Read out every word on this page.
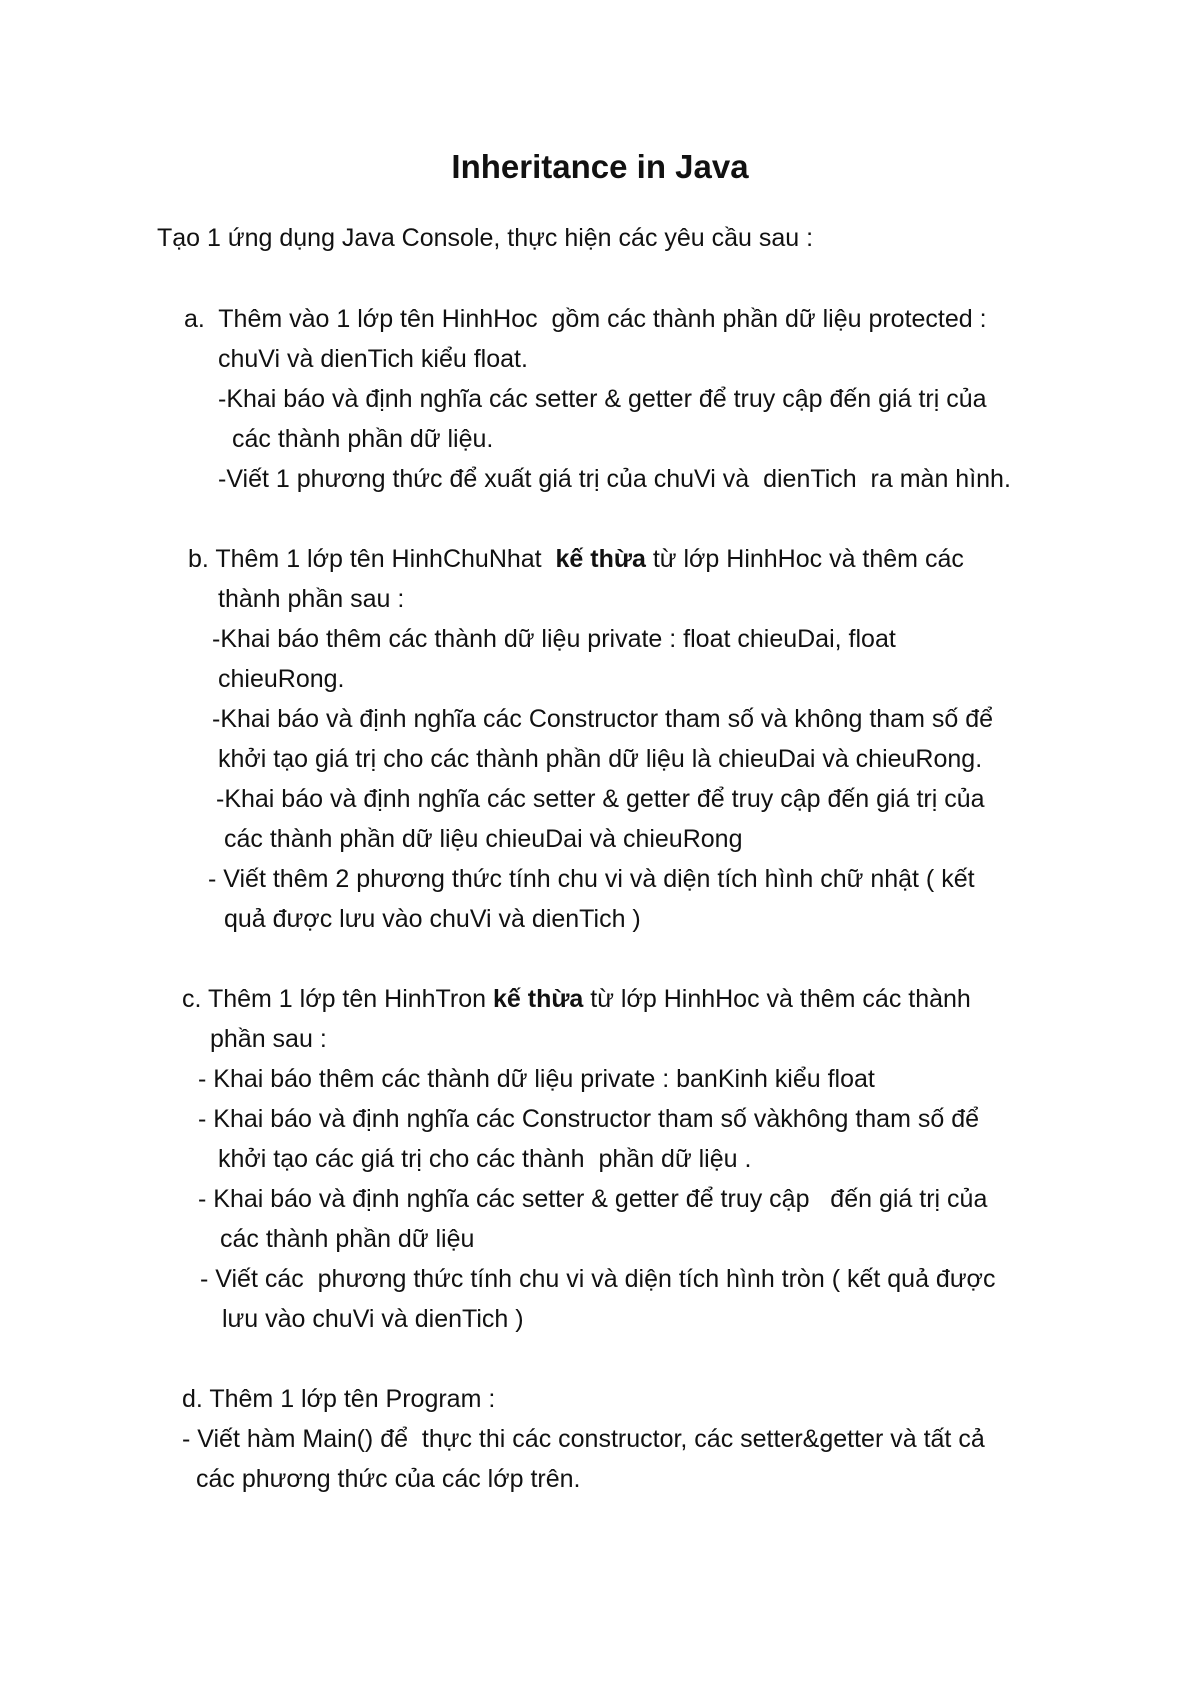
Inheritance in Java

Tạo 1 ứng dụng Java Console, thực hiện các yêu cầu sau :

a.  Thêm vào 1 lớp tên HinhHoc  gồm các thành phần dữ liệu protected :

chuVi và dienTich kiểu float.

-Khai báo và định nghĩa các setter & getter để truy cập đến giá trị của

các thành phần dữ liệu.

-Viết 1 phương thức để xuất giá trị của chuVi và  dienTich  ra màn hình.

b. Thêm 1 lớp tên HinhChuNhat  kế thừa từ lớp HinhHoc và thêm các

thành phần sau :

-Khai báo thêm các thành dữ liệu private : float chieuDai, float

chieuRong.

-Khai báo và định nghĩa các Constructor tham số và không tham số để

khởi tạo giá trị cho các thành phần dữ liệu là chieuDai và chieuRong.

-Khai báo và định nghĩa các setter & getter để truy cập đến giá trị của

các thành phần dữ liệu chieuDai và chieuRong

- Viết thêm 2 phương thức tính chu vi và diện tích hình chữ nhật ( kết

quả được lưu vào chuVi và dienTich )

c. Thêm 1 lớp tên HinhTron kế thừa từ lớp HinhHoc và thêm các thành

phần sau :

- Khai báo thêm các thành dữ liệu private : banKinh kiểu float

- Khai báo và định nghĩa các Constructor tham số vàkhông tham số để

khởi tạo các giá trị cho các thành  phần dữ liệu .

- Khai báo và định nghĩa các setter & getter để truy cập   đến giá trị của

các thành phần dữ liệu

- Viết các  phương thức tính chu vi và diện tích hình tròn ( kết quả được

lưu vào chuVi và dienTich )

d. Thêm 1 lớp tên Program :

- Viết hàm Main() để  thực thi các constructor, các setter&getter và tất cả

các phương thức của các lớp trên.
